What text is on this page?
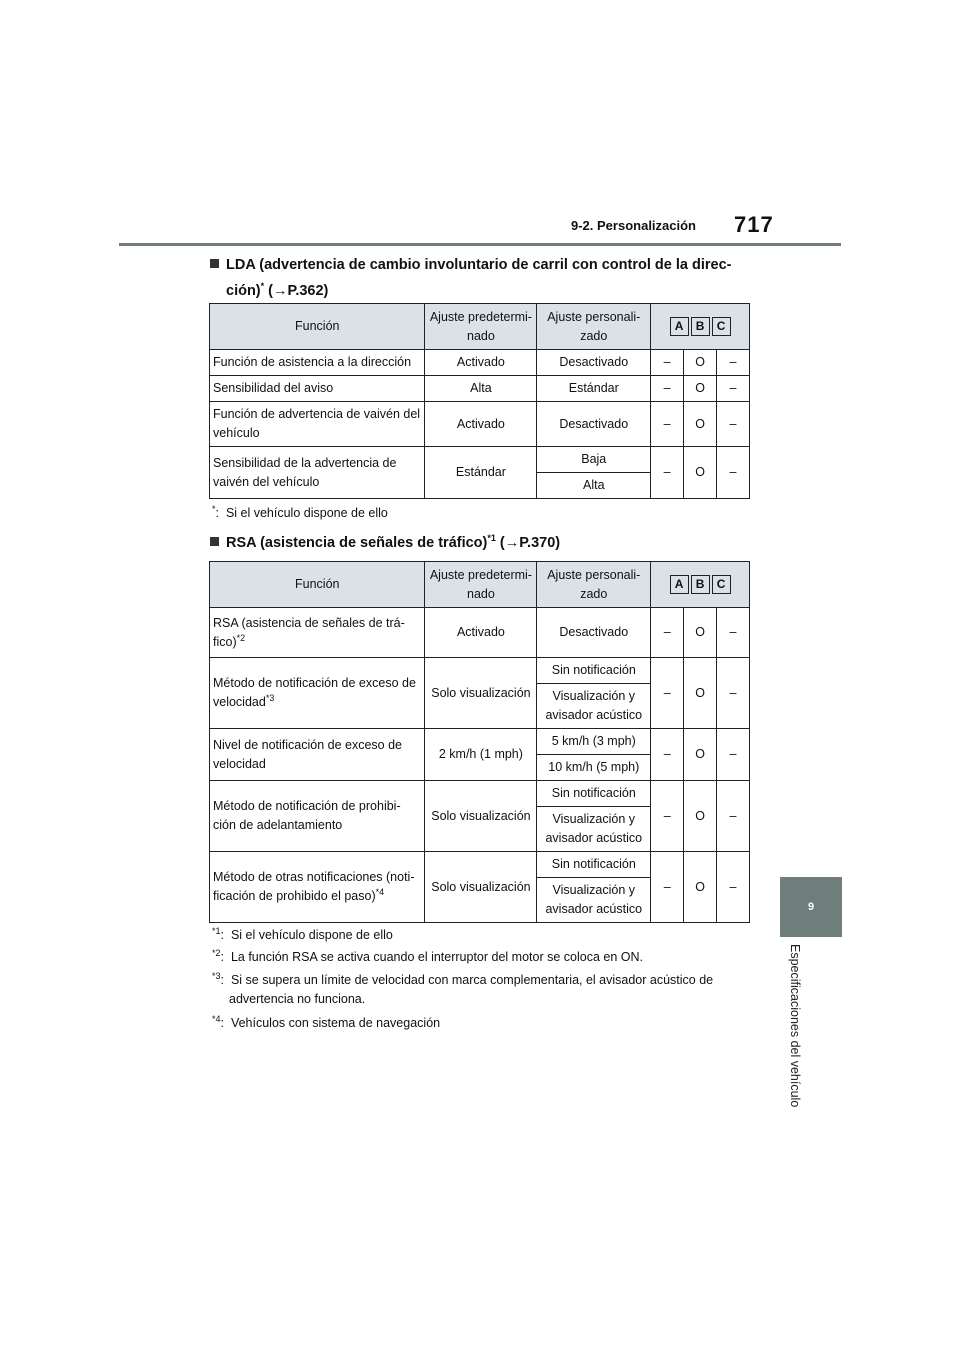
9-2. Personalización 717
9
Especificaciones del vehículo
LDA (advertencia de cambio involuntario de carril con control de la direc-
ción)* (→P.362)
Función	Ajuste predetermi-nado	Ajuste personali-zado	A B C		
Función de asistencia a la dirección	Activado	Desactivado	–	O	–
Sensibilidad del aviso	Alta	Estándar	–	O	–
Función de advertencia de vaivén del vehículo	Activado	Desactivado	–	O	–
Sensibilidad de la advertencia de vaivén del vehículo	Estándar	Baja	–	O	–
		Alta			
*:  Si el vehículo dispone de ello
RSA (asistencia de señales de tráfico)$^{*1}$ (→P.370)
Función	Ajuste predetermi-nado	Ajuste personali-zado	A B C		
RSA (asistencia de señales de trá-fico)$^{*2}$	Activado	Desactivado	–	O	–
Método de notificación de exceso de velocidad$^{*3}$	Solo visualización	Sin notificación	–	O	–
		Visualización y avisador acústico			
Nivel de notificación de exceso de velocidad	2 km/h (1 mph)	5 km/h (3 mph)	–	O	–
		10 km/h (5 mph)			
Método de notificación de prohibi-ción de adelantamiento	Solo visualización	Sin notificación	–	O	–
		Visualización y avisador acústico			
Método de otras notificaciones (noti-ficación de prohibido el paso)$^{*4}$	Solo visualización	Sin notificación	–	O	–
		Visualización y avisador acústico			
$^{*1}$:  Si el vehículo dispone de ello
$^{*2}$:  La función RSA se activa cuando el interruptor del motor se coloca en ON.
$^{*3}$:  Si se supera un límite de velocidad con marca complementaria, el avisador acústico de
advertencia no funciona.
$^{*4}$:  Vehículos con sistema de navegación
